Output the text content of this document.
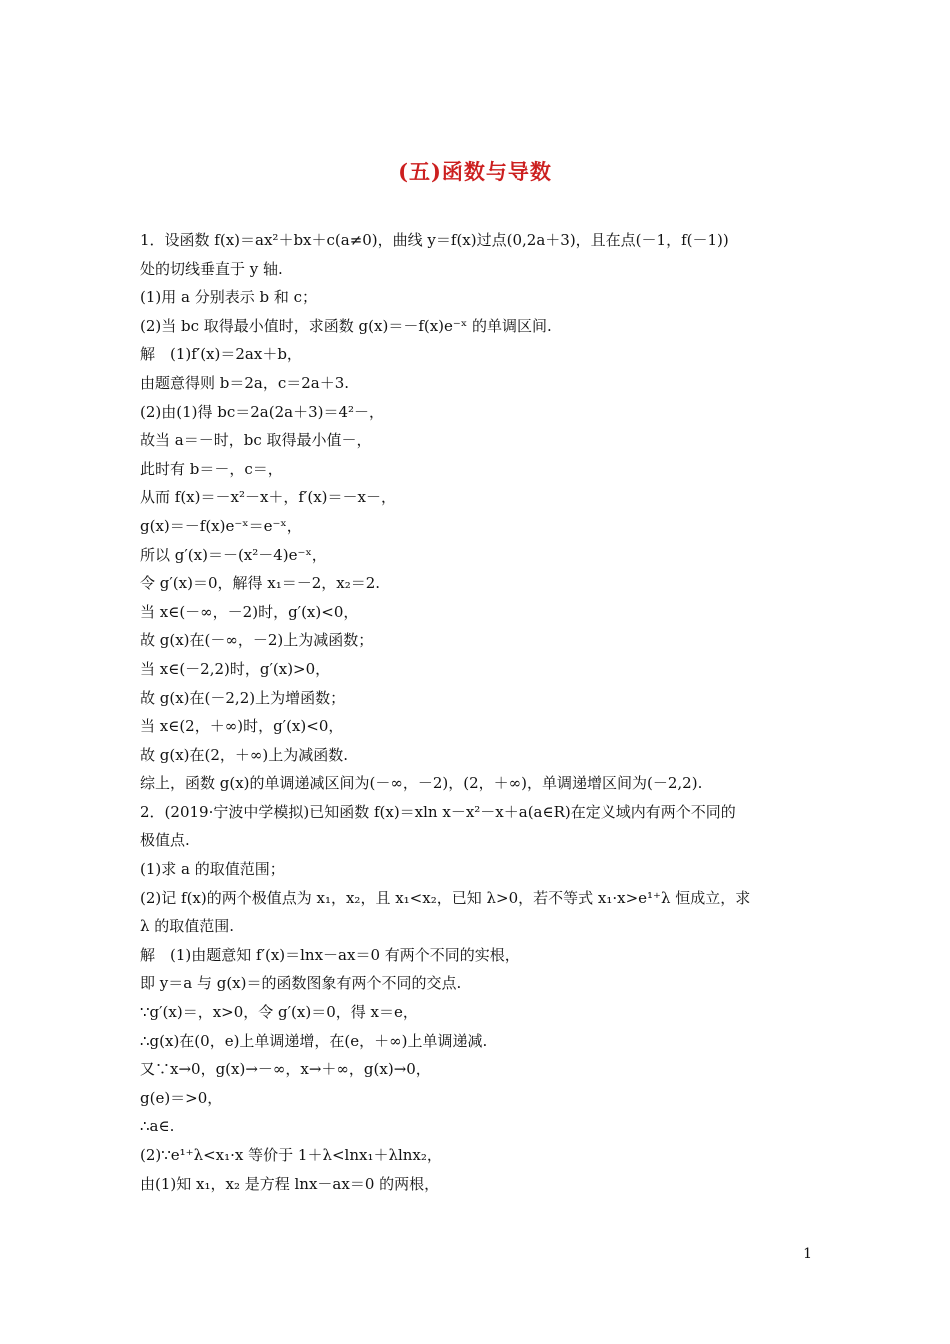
(五)函数与导数
1．设函数 f(x)＝ax²＋bx＋c(a≠0)，曲线 y＝f(x)过点(0,2a＋3)，且在点(－1，f(－1))
处的切线垂直于 y 轴.
(1)用 a 分别表示 b 和 c；
(2)当 bc 取得最小值时，求函数 g(x)＝－f(x)e⁻ˣ 的单调区间.
解　(1)f′(x)＝2ax＋b，
由题意得则 b＝2a，c＝2a＋3.
(2)由(1)得 bc＝2a(2a＋3)＝4²－，
故当 a＝－时，bc 取得最小值－，
此时有 b＝－，c＝，
从而 f(x)＝－x²－x＋，f′(x)＝－x－，
g(x)＝－f(x)e⁻ˣ＝e⁻ˣ，
所以 g′(x)＝－(x²－4)e⁻ˣ，
令 g′(x)＝0，解得 x₁＝－2，x₂＝2.
当 x∈(－∞，－2)时，g′(x)<0，
故 g(x)在(－∞，－2)上为减函数；
当 x∈(－2,2)时，g′(x)>0，
故 g(x)在(－2,2)上为增函数；
当 x∈(2，＋∞)时，g′(x)<0，
故 g(x)在(2，＋∞)上为减函数.
综上，函数 g(x)的单调递减区间为(－∞，－2)，(2，＋∞)，单调递增区间为(－2,2).
2．(2019·宁波中学模拟)已知函数 f(x)＝xln x－x²－x＋a(a∈R)在定义域内有两个不同的
极值点.
(1)求 a 的取值范围；
(2)记 f(x)的两个极值点为 x₁，x₂，且 x₁<x₂，已知 λ>0，若不等式 x₁·x>e¹⁺λ 恒成立，求
λ 的取值范围.
解　(1)由题意知 f′(x)＝lnx－ax＝0 有两个不同的实根，
即 y＝a 与 g(x)＝的函数图象有两个不同的交点.
∵g′(x)＝，x>0，令 g′(x)＝0，得 x＝e，
∴g(x)在(0，e)上单调递增，在(e，＋∞)上单调递减.
又∵x→0，g(x)→－∞，x→＋∞，g(x)→0，
g(e)＝>0，
∴a∈.
(2)∵e¹⁺λ<x₁·x 等价于 1＋λ<lnx₁＋λlnx₂，
由(1)知 x₁，x₂ 是方程 lnx－ax＝0 的两根，
1
